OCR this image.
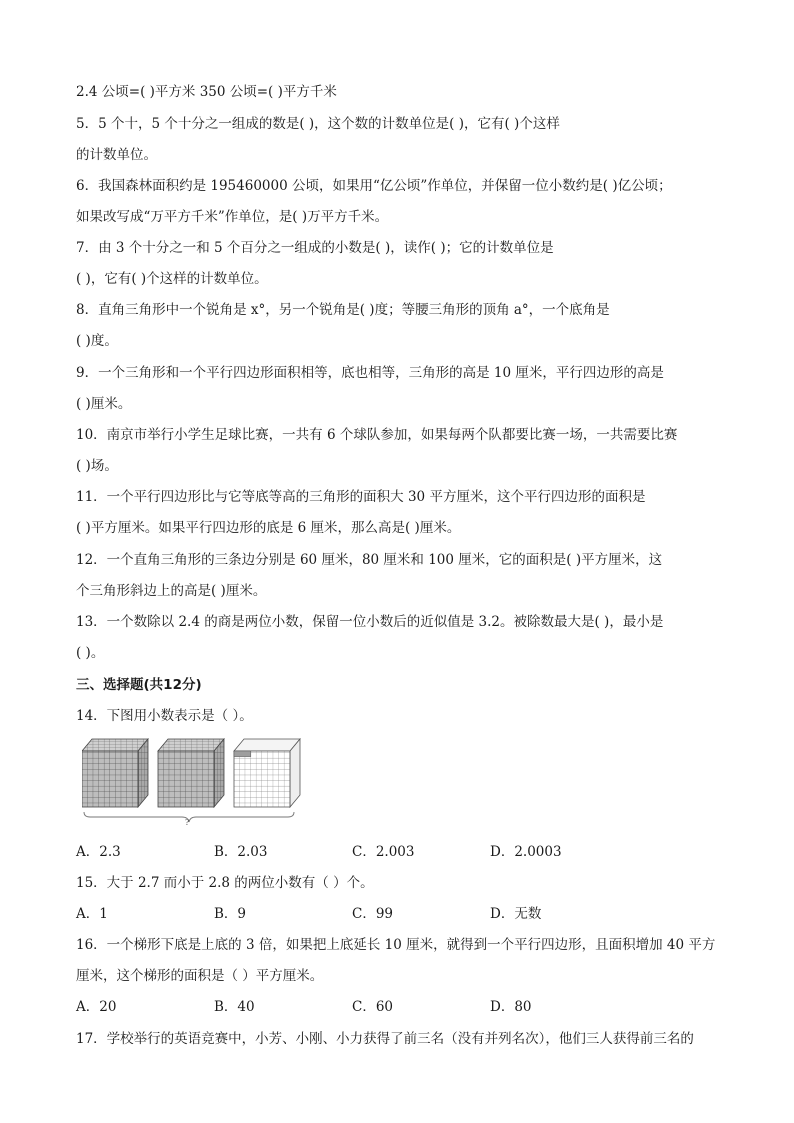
2.4 公顷=( )平方米 350 公顷=( )平方千米
5．5 个十，5 个十分之一组成的数是( )，这个数的计数单位是( )，它有( )个这样
的计数单位。
6．我国森林面积约是 195460000 公顷，如果用“亿公顷”作单位，并保留一位小数约是( )亿公顷；
如果改写成“万平方千米”作单位，是( )万平方千米。
7．由 3 个十分之一和 5 个百分之一组成的小数是( )，读作( )；它的计数单位是
( )，它有( )个这样的计数单位。
8．直角三角形中一个锐角是 x°，另一个锐角是( )度；等腰三角形的顶角 a°，一个底角是
( )度。
9．一个三角形和一个平行四边形面积相等，底也相等，三角形的高是 10 厘米，平行四边形的高是
( )厘米。
10．南京市举行小学生足球比赛，一共有 6 个球队参加，如果每两个队都要比赛一场，一共需要比赛
( )场。
11．一个平行四边形比与它等底等高的三角形的面积大 30 平方厘米，这个平行四边形的面积是
( )平方厘米。如果平行四边形的底是 6 厘米，那么高是( )厘米。
12．一个直角三角形的三条边分别是 60 厘米，80 厘米和 100 厘米，它的面积是( )平方厘米，这
个三角形斜边上的高是( )厘米。
13．一个数除以 2.4 的商是两位小数，保留一位小数后的近似值是 3.2。被除数最大是( )，最小是
( )。
三、选择题(共12分)
14．下图用小数表示是（ ）。
?
A．2.3	B．2.03	C．2.003	D．2.0003
15．大于 2.7 而小于 2.8 的两位小数有（ ）个。
A．1	B．9	C．99	D．无数
16．一个梯形下底是上底的 3 倍，如果把上底延长 10 厘米，就得到一个平行四边形，且面积增加 40 平方
厘米，这个梯形的面积是（ ）平方厘米。
A．20	B．40	C．60	D．80
17．学校举行的英语竞赛中，小芳、小刚、小力获得了前三名（没有并列名次），他们三人获得前三名的
